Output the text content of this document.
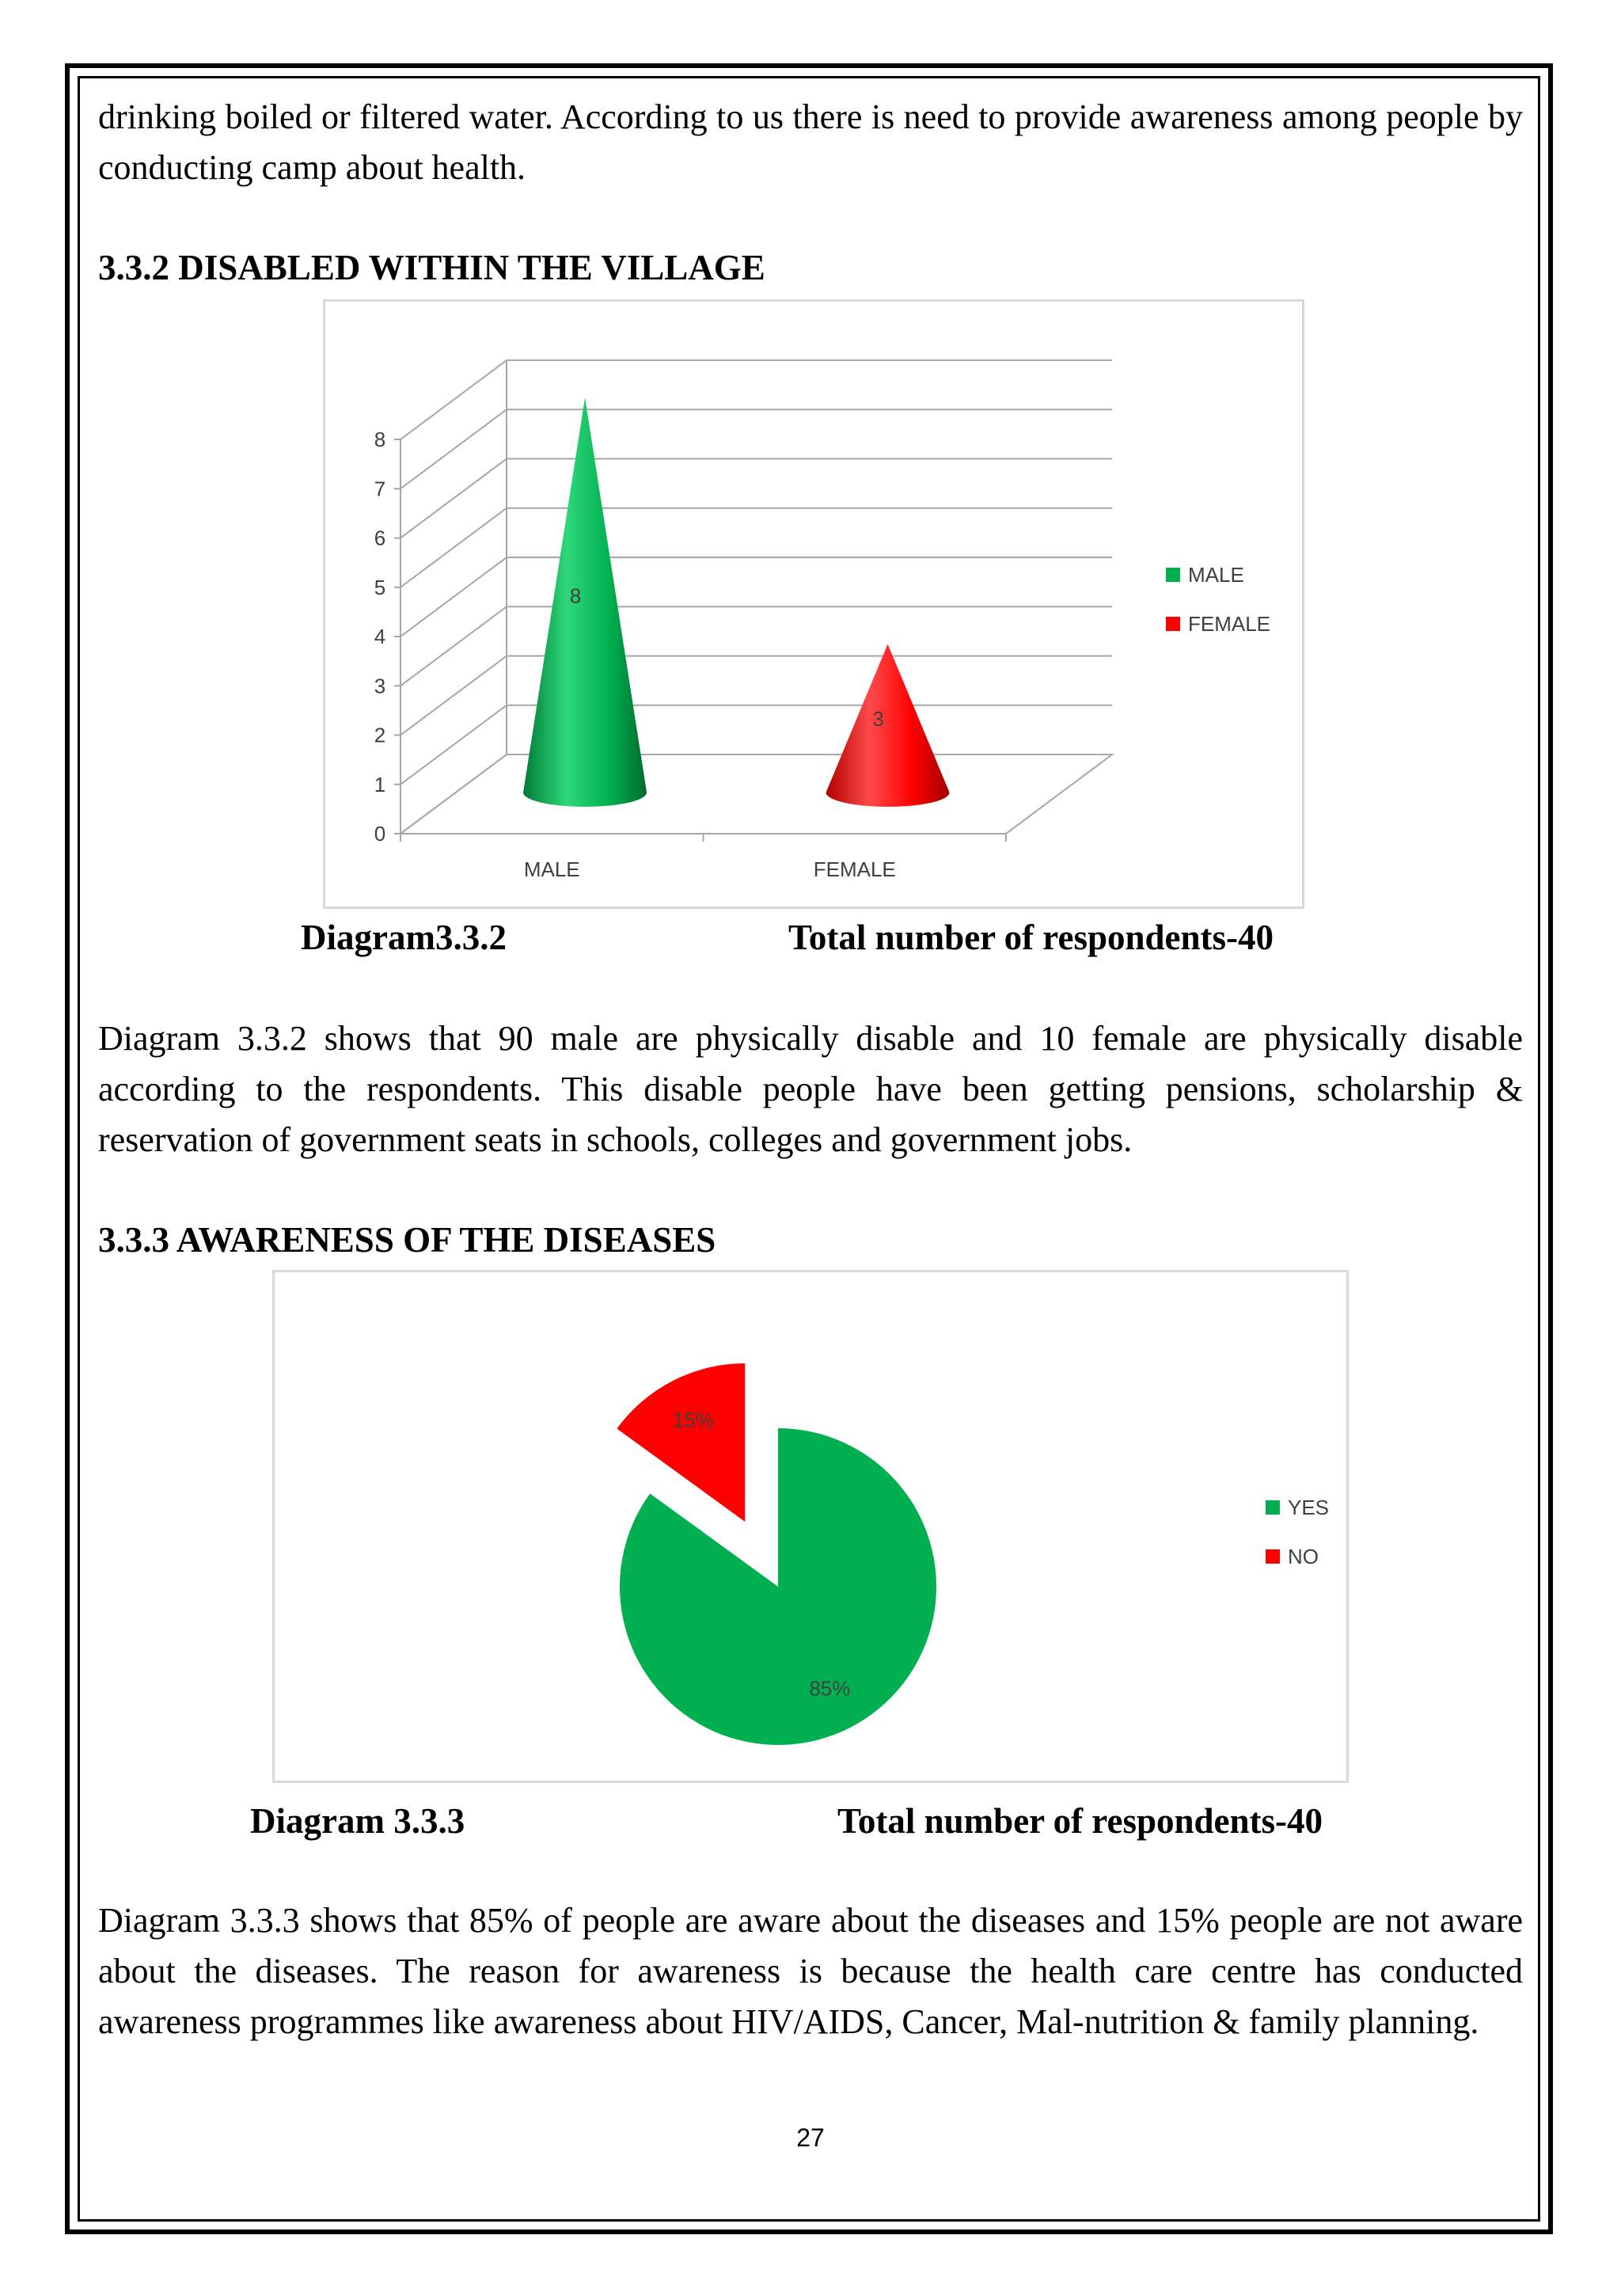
drinking boiled or filtered water. According to us there is need to provide awareness among people by conducting camp about health.

3.3.2 DISABLED WITHIN THE VILLAGE
0
1
2
3
4
5
6
7
8
MALE	FEMALE
8
3
MALE
FEMALE
Diagram3.3.2	Total number of respondents-40

Diagram 3.3.2 shows that 90 male are physically disable and 10 female are physically disable according to the respondents. This disable people have been getting pensions, scholarship & reservation of government seats in schools, colleges and government jobs.

3.3.3 AWARENESS OF THE DISEASES
85%
15%
YES
NO
Diagram 3.3.3	Total number of respondents-40

Diagram 3.3.3 shows that 85% of people are aware about the diseases and 15% people are not aware about the diseases. The reason for awareness is because the health care centre has conducted awareness programmes like awareness about HIV/AIDS, Cancer, Mal-nutrition & family planning.

27
